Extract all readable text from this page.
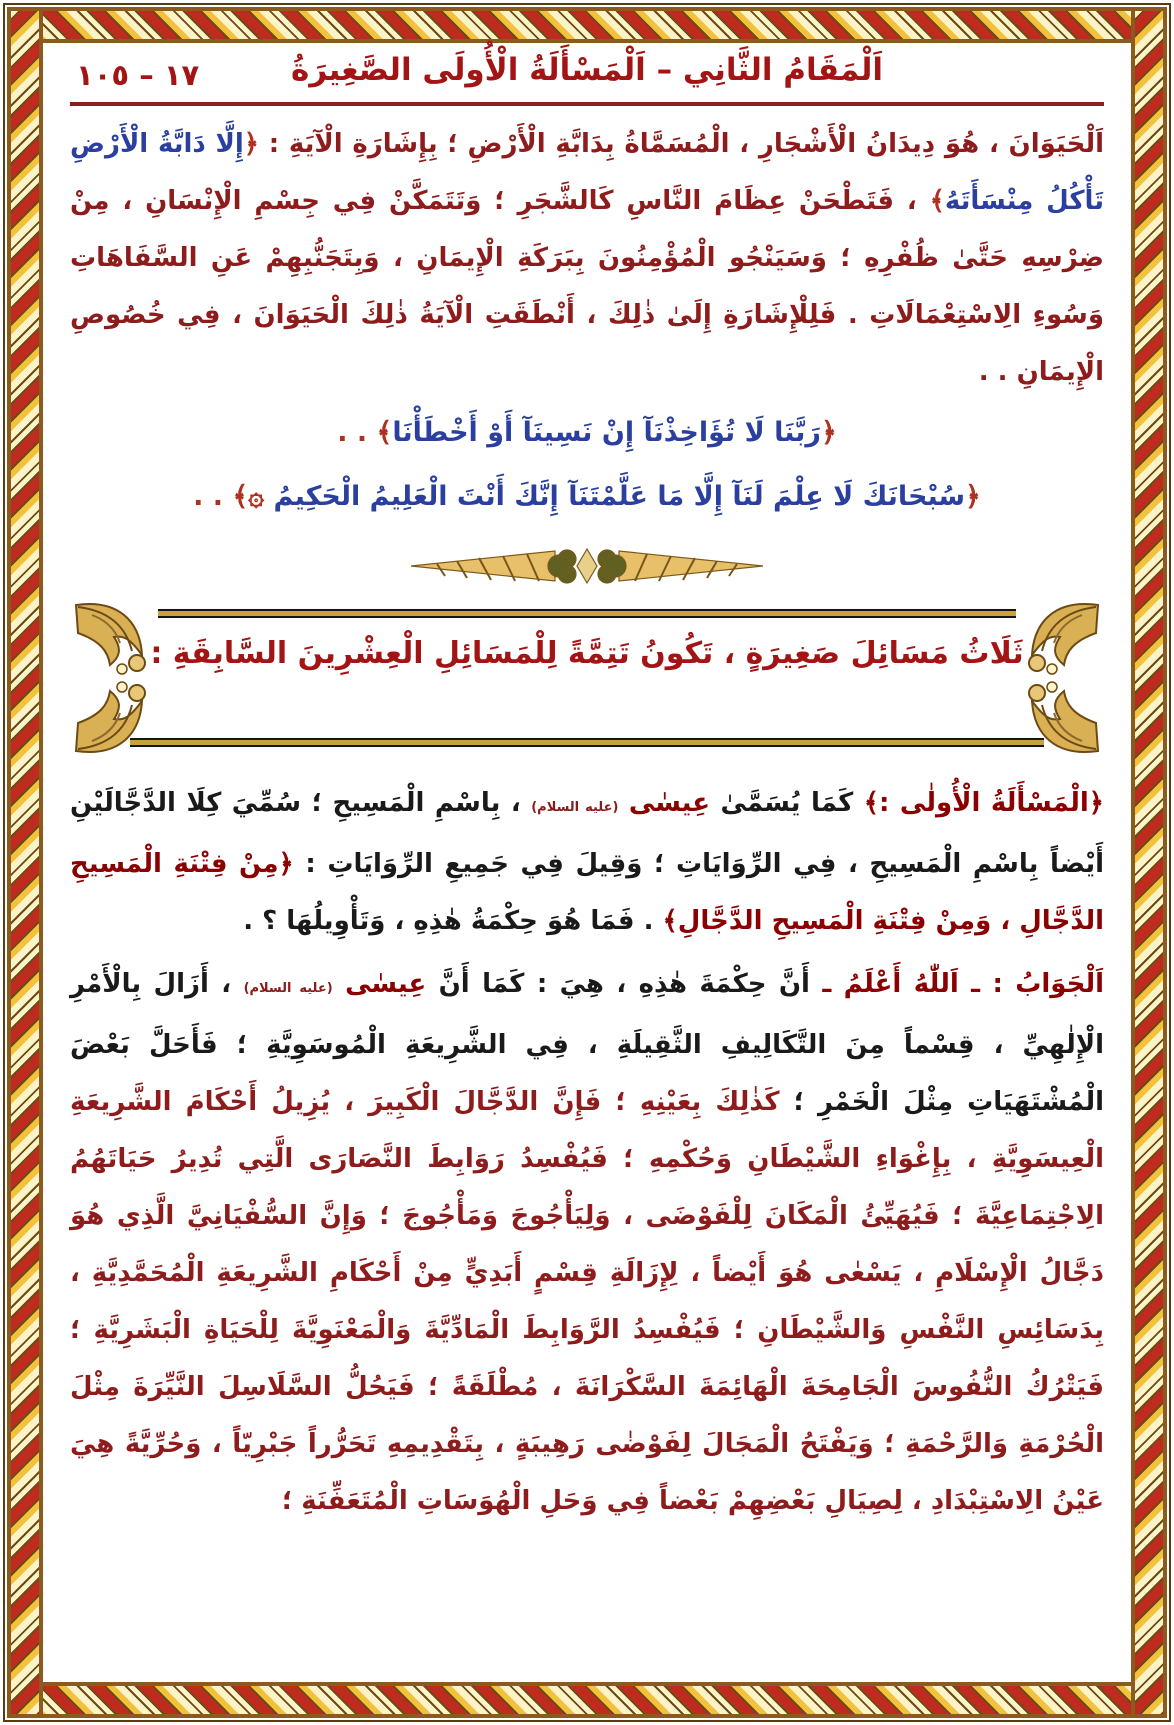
اَلْمَقَامُ الثَّانِي – اَلْمَسْأَلَةُ الْأُولَى الصَّغِيرَةُ
١٧ – ١٠٥

اَلْحَيَوَانَ ، هُوَ دِيدَانُ الْأَشْجَارِ ، الْمُسَمَّاةُ بِدَابَّةِ الْأَرْضِ ؛ بِإِشَارَةِ الْآيَةِ : ﴿إِلَّا دَابَّةُ الْأَرْضِ تَأْكُلُ مِنْسَأَتَهُ﴾ ، فَتَطْحَنْ عِظَامَ النَّاسِ كَالشَّجَرِ ؛ وَتَتَمَكَّنْ فِي جِسْمِ الْإِنْسَانِ ، مِنْ ضِرْسِهِ حَتَّىٰ ظُفْرِهِ ؛ وَسَيَنْجُو الْمُؤْمِنُونَ بِبَرَكَةِ الْإِيمَانِ ، وَبِتَجَنُّبِهِمْ عَنِ السَّفَاهَاتِ وَسُوءِ الِاسْتِعْمَالَاتِ . فَلِلْإِشَارَةِ إِلَىٰ ذٰلِكَ ، أَنْطَقَتِ الْآيَةُ ذٰلِكَ الْحَيَوَانَ ، فِي خُصُوصِ الْإِيمَانِ . .

﴿رَبَّنَا لَا تُؤَاخِذْنَآ إِنْ نَسِينَآ أَوْ أَخْطَأْنَا﴾ . .

﴿سُبْحَانَكَ لَا عِلْمَ لَنَآ إِلَّا مَا عَلَّمْتَنَآ إِنَّكَ أَنْتَ الْعَلِيمُ الْحَكِيمُ ۞﴾ . .

ثَلَاثُ مَسَائِلَ صَغِيرَةٍ ، تَكُونُ تَتِمَّةً لِلْمَسَائِلِ الْعِشْرِينَ السَّابِقَةِ :

﴿الْمَسْأَلَةُ الْأُولٰى :﴾ كَمَا يُسَمَّىٰ عِيسٰى (عليه السلام) ، بِاسْمِ الْمَسِيحِ ؛ سُمِّيَ كِلَا الدَّجَّالَيْنِ أَيْضاً بِاسْمِ الْمَسِيحِ ، فِي الرِّوَايَاتِ ؛ وَقِيلَ فِي جَمِيعِ الرِّوَايَاتِ : ﴿مِنْ فِتْنَةِ الْمَسِيحِ الدَّجَّالِ ، وَمِنْ فِتْنَةِ الْمَسِيحِ الدَّجَّالِ﴾ . فَمَا هُوَ حِكْمَةُ هٰذِهِ ، وَتَأْوِيلُهَا ؟ .

اَلْجَوَابُ : ـ اَللّٰهُ أَعْلَمُ ـ أَنَّ حِكْمَةَ هٰذِهِ ، هِيَ : كَمَا أَنَّ عِيسٰى (عليه السلام) ، أَزَالَ بِالْأَمْرِ الْإِلٰهِيِّ ، قِسْماً مِنَ التَّكَالِيفِ الثَّقِيلَةِ ، فِي الشَّرِيعَةِ الْمُوسَوِيَّةِ ؛ فَأَحَلَّ بَعْضَ الْمُشْتَهَيَاتِ مِثْلَ الْخَمْرِ ؛ كَذٰلِكَ بِعَيْنِهِ ؛ فَإِنَّ الدَّجَّالَ الْكَبِيرَ ، يُزِيلُ أَحْكَامَ الشَّرِيعَةِ الْعِيسَوِيَّةِ ، بِإِغْوَاءِ الشَّيْطَانِ وَحُكْمِهِ ؛ فَيُفْسِدُ رَوَابِطَ النَّصَارَى الَّتِي تُدِيرُ حَيَاتَهُمُ الِاجْتِمَاعِيَّةَ ؛ فَيُهَيِّئُ الْمَكَانَ لِلْفَوْضَى ، وَلِيَأْجُوجَ وَمَأْجُوجَ ؛ وَإِنَّ السُّفْيَانِيَّ الَّذِي هُوَ دَجَّالُ الْإِسْلَامِ ، يَسْعٰى هُوَ أَيْضاً ، لِإِزَالَةِ قِسْمٍ أَبَدِيٍّ مِنْ أَحْكَامِ الشَّرِيعَةِ الْمُحَمَّدِيَّةِ ، بِدَسَائِسِ النَّفْسِ وَالشَّيْطَانِ ؛ فَيُفْسِدُ الرَّوَابِطَ الْمَادِّيَّةَ وَالْمَعْنَوِيَّةَ لِلْحَيَاةِ الْبَشَرِيَّةِ ؛ فَيَتْرُكُ النُّفُوسَ الْجَامِحَةَ الْهَائِمَةَ السَّكْرَانَةَ ، مُطْلَقَةً ؛ فَيَحُلُّ السَّلَاسِلَ النَّيِّرَةَ مِثْلَ الْحُرْمَةِ وَالرَّحْمَةِ ؛ وَيَفْتَحُ الْمَجَالَ لِفَوْضٰى رَهِيبَةٍ ، بِتَقْدِيمِهِ تَحَرُّراً جَبْرِيّاً ، وَحُرِّيَّةً هِيَ عَيْنُ الِاسْتِبْدَادِ ، لِصِيَالِ بَعْضِهِمْ بَعْضاً فِي وَحَلِ الْهُوَسَاتِ الْمُتَعَفِّنَةِ ؛
